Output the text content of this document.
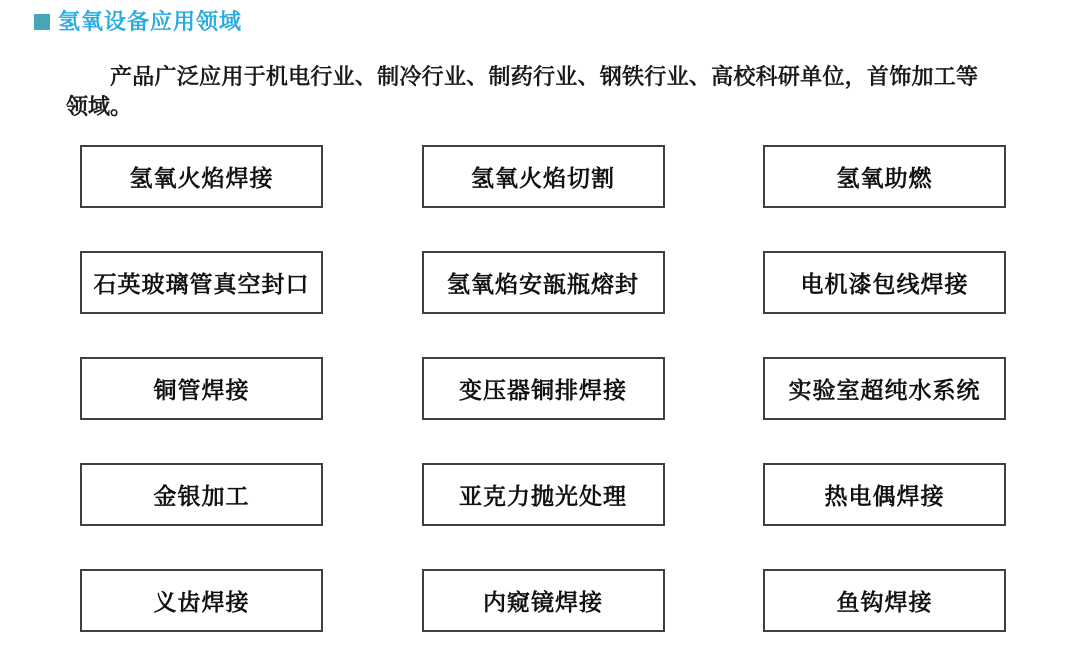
氢氧设备应用领域

产品广泛应用于机电行业、制冷行业、制药行业、钢铁行业、高校科研单位，首饰加工等领域。

氢氧火焰焊接	氢氧火焰切割	氢氧助燃
石英玻璃管真空封口	氢氧焰安瓿瓶熔封	电机漆包线焊接
铜管焊接	变压器铜排焊接	实验室超纯水系统
金银加工	亚克力抛光处理	热电偶焊接
义齿焊接	内窥镜焊接	鱼钩焊接
